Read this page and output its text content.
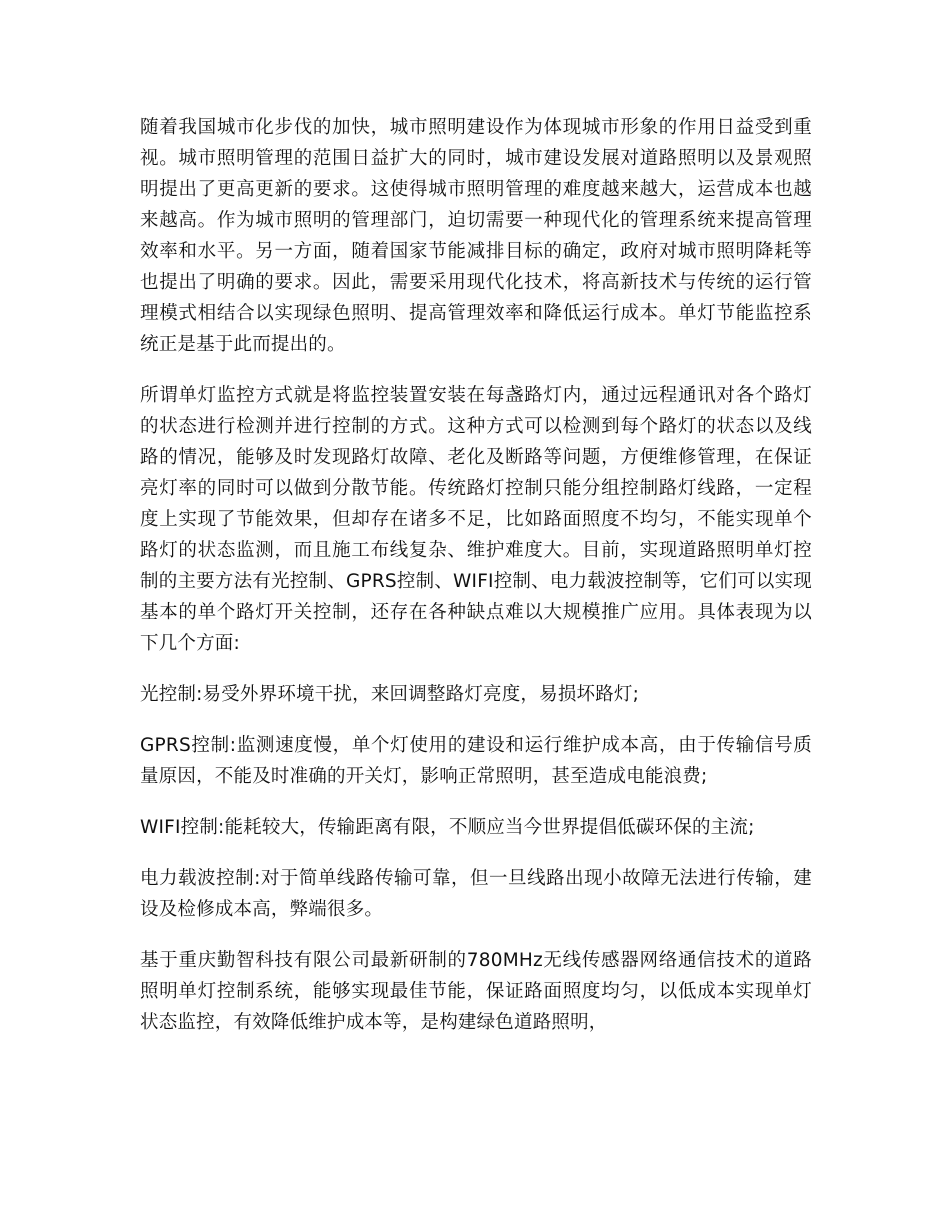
随着我国城市化步伐的加快，城市照明建设作为体现城市形象的作用日益受到重视。城市照明管理的范围日益扩大的同时，城市建设发展对道路照明以及景观照明提出了更高更新的要求。这使得城市照明管理的难度越来越大，运营成本也越来越高。作为城市照明的管理部门，迫切需要一种现代化的管理系统来提高管理效率和水平。另一方面，随着国家节能减排目标的确定，政府对城市照明降耗等也提出了明确的要求。因此，需要采用现代化技术，将高新技术与传统的运行管理模式相结合以实现绿色照明、提高管理效率和降低运行成本。单灯节能监控系统正是基于此而提出的。

所谓单灯监控方式就是将监控装置安装在每盏路灯内，通过远程通讯对各个路灯的状态进行检测并进行控制的方式。这种方式可以检测到每个路灯的状态以及线路的情况，能够及时发现路灯故障、老化及断路等问题，方便维修管理，在保证亮灯率的同时可以做到分散节能。传统路灯控制只能分组控制路灯线路，一定程度上实现了节能效果，但却存在诸多不足，比如路面照度不均匀，不能实现单个路灯的状态监测，而且施工布线复杂、维护难度大。目前，实现道路照明单灯控制的主要方法有光控制、GPRS控制、WIFI控制、电力载波控制等，它们可以实现基本的单个路灯开关控制，还存在各种缺点难以大规模推广应用。具体表现为以下几个方面:

光控制:易受外界环境干扰，来回调整路灯亮度，易损坏路灯;

GPRS控制:监测速度慢，单个灯使用的建设和运行维护成本高，由于传输信号质量原因，不能及时准确的开关灯，影响正常照明，甚至造成电能浪费;

WIFI控制:能耗较大，传输距离有限，不顺应当今世界提倡低碳环保的主流;

电力载波控制:对于简单线路传输可靠，但一旦线路出现小故障无法进行传输，建设及检修成本高，弊端很多。

基于重庆勤智科技有限公司最新研制的780MHz无线传感器网络通信技术的道路照明单灯控制系统，能够实现最佳节能，保证路面照度均匀，以低成本实现单灯状态监控，有效降低维护成本等，是构建绿色道路照明，
